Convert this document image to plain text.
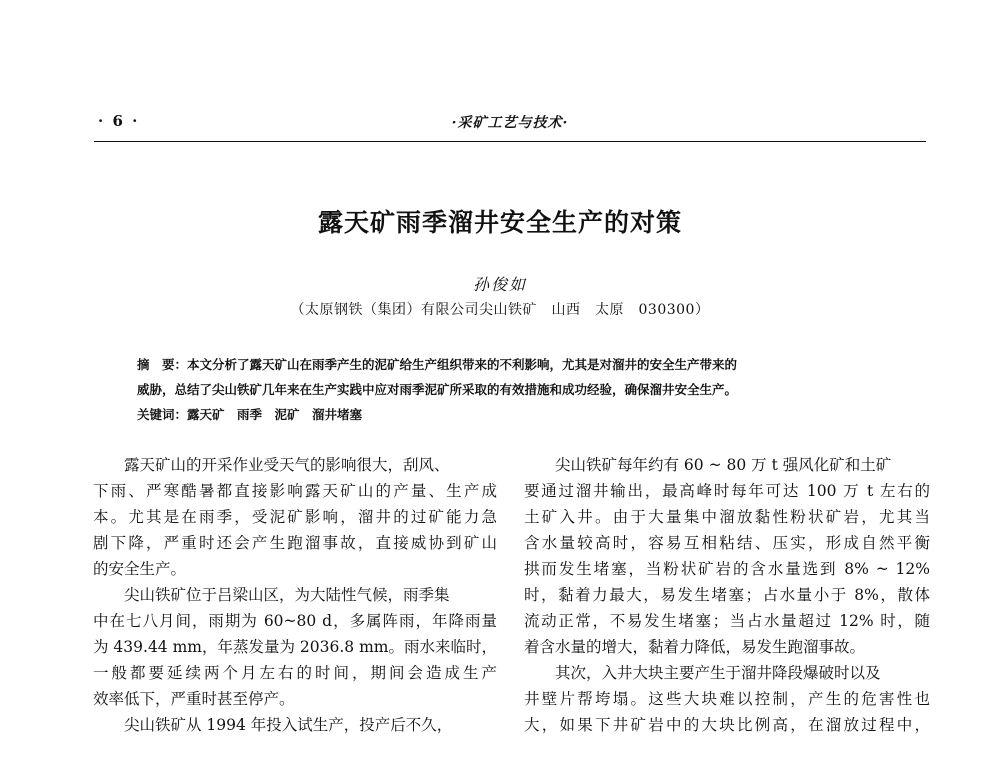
· 6 ·	·采矿工艺与技术·
露天矿雨季溜井安全生产的对策
孙俊如
（太原钢铁（集团）有限公司尖山铁矿　山西　太原　030300）
摘　要：本文分析了露天矿山在雨季产生的泥矿给生产组织带来的不利影响，尤其是对溜井的安全生产带来的
威胁，总结了尖山铁矿几年来在生产实践中应对雨季泥矿所采取的有效措施和成功经验，确保溜井安全生产。
关键词：露天矿　雨季　泥矿　溜井堵塞
露天矿山的开采作业受天气的影响很大，刮风、
下雨、严寒酷暑都直接影响露天矿山的产量、生产成
本。尤其是在雨季，受泥矿影响，溜井的过矿能力急
剧下降，严重时还会产生跑溜事故，直接威协到矿山
的安全生产。
尖山铁矿位于吕梁山区，为大陆性气候，雨季集
中在七八月间，雨期为 60~80 d，多属阵雨，年降雨量
为 439.44 mm，年蒸发量为 2036.8 mm。雨水来临时，
一般都要延续两个月左右的时间，期间会造成生产
效率低下，严重时甚至停产。
尖山铁矿从 1994 年投入试生产，投产后不久，
尖山铁矿每年约有 60 ~ 80 万 t 强风化矿和土矿
要通过溜井输出，最高峰时每年可达 100 万 t 左右的
土矿入井。由于大量集中溜放黏性粉状矿岩，尤其当
含水量较高时，容易互相粘结、压实，形成自然平衡
拱而发生堵塞，当粉状矿岩的含水量选到 8% ~ 12%
时，黏着力最大，易发生堵塞；占水量小于 8%，散体
流动正常，不易发生堵塞；当占水量超过 12% 时，随
着含水量的增大，黏着力降低，易发生跑溜事故。
其次，入井大块主要产生于溜井降段爆破时以及
井壁片帮垮塌。这些大块难以控制，产生的危害性也
大，如果下井矿岩中的大块比例高，在溜放过程中，
